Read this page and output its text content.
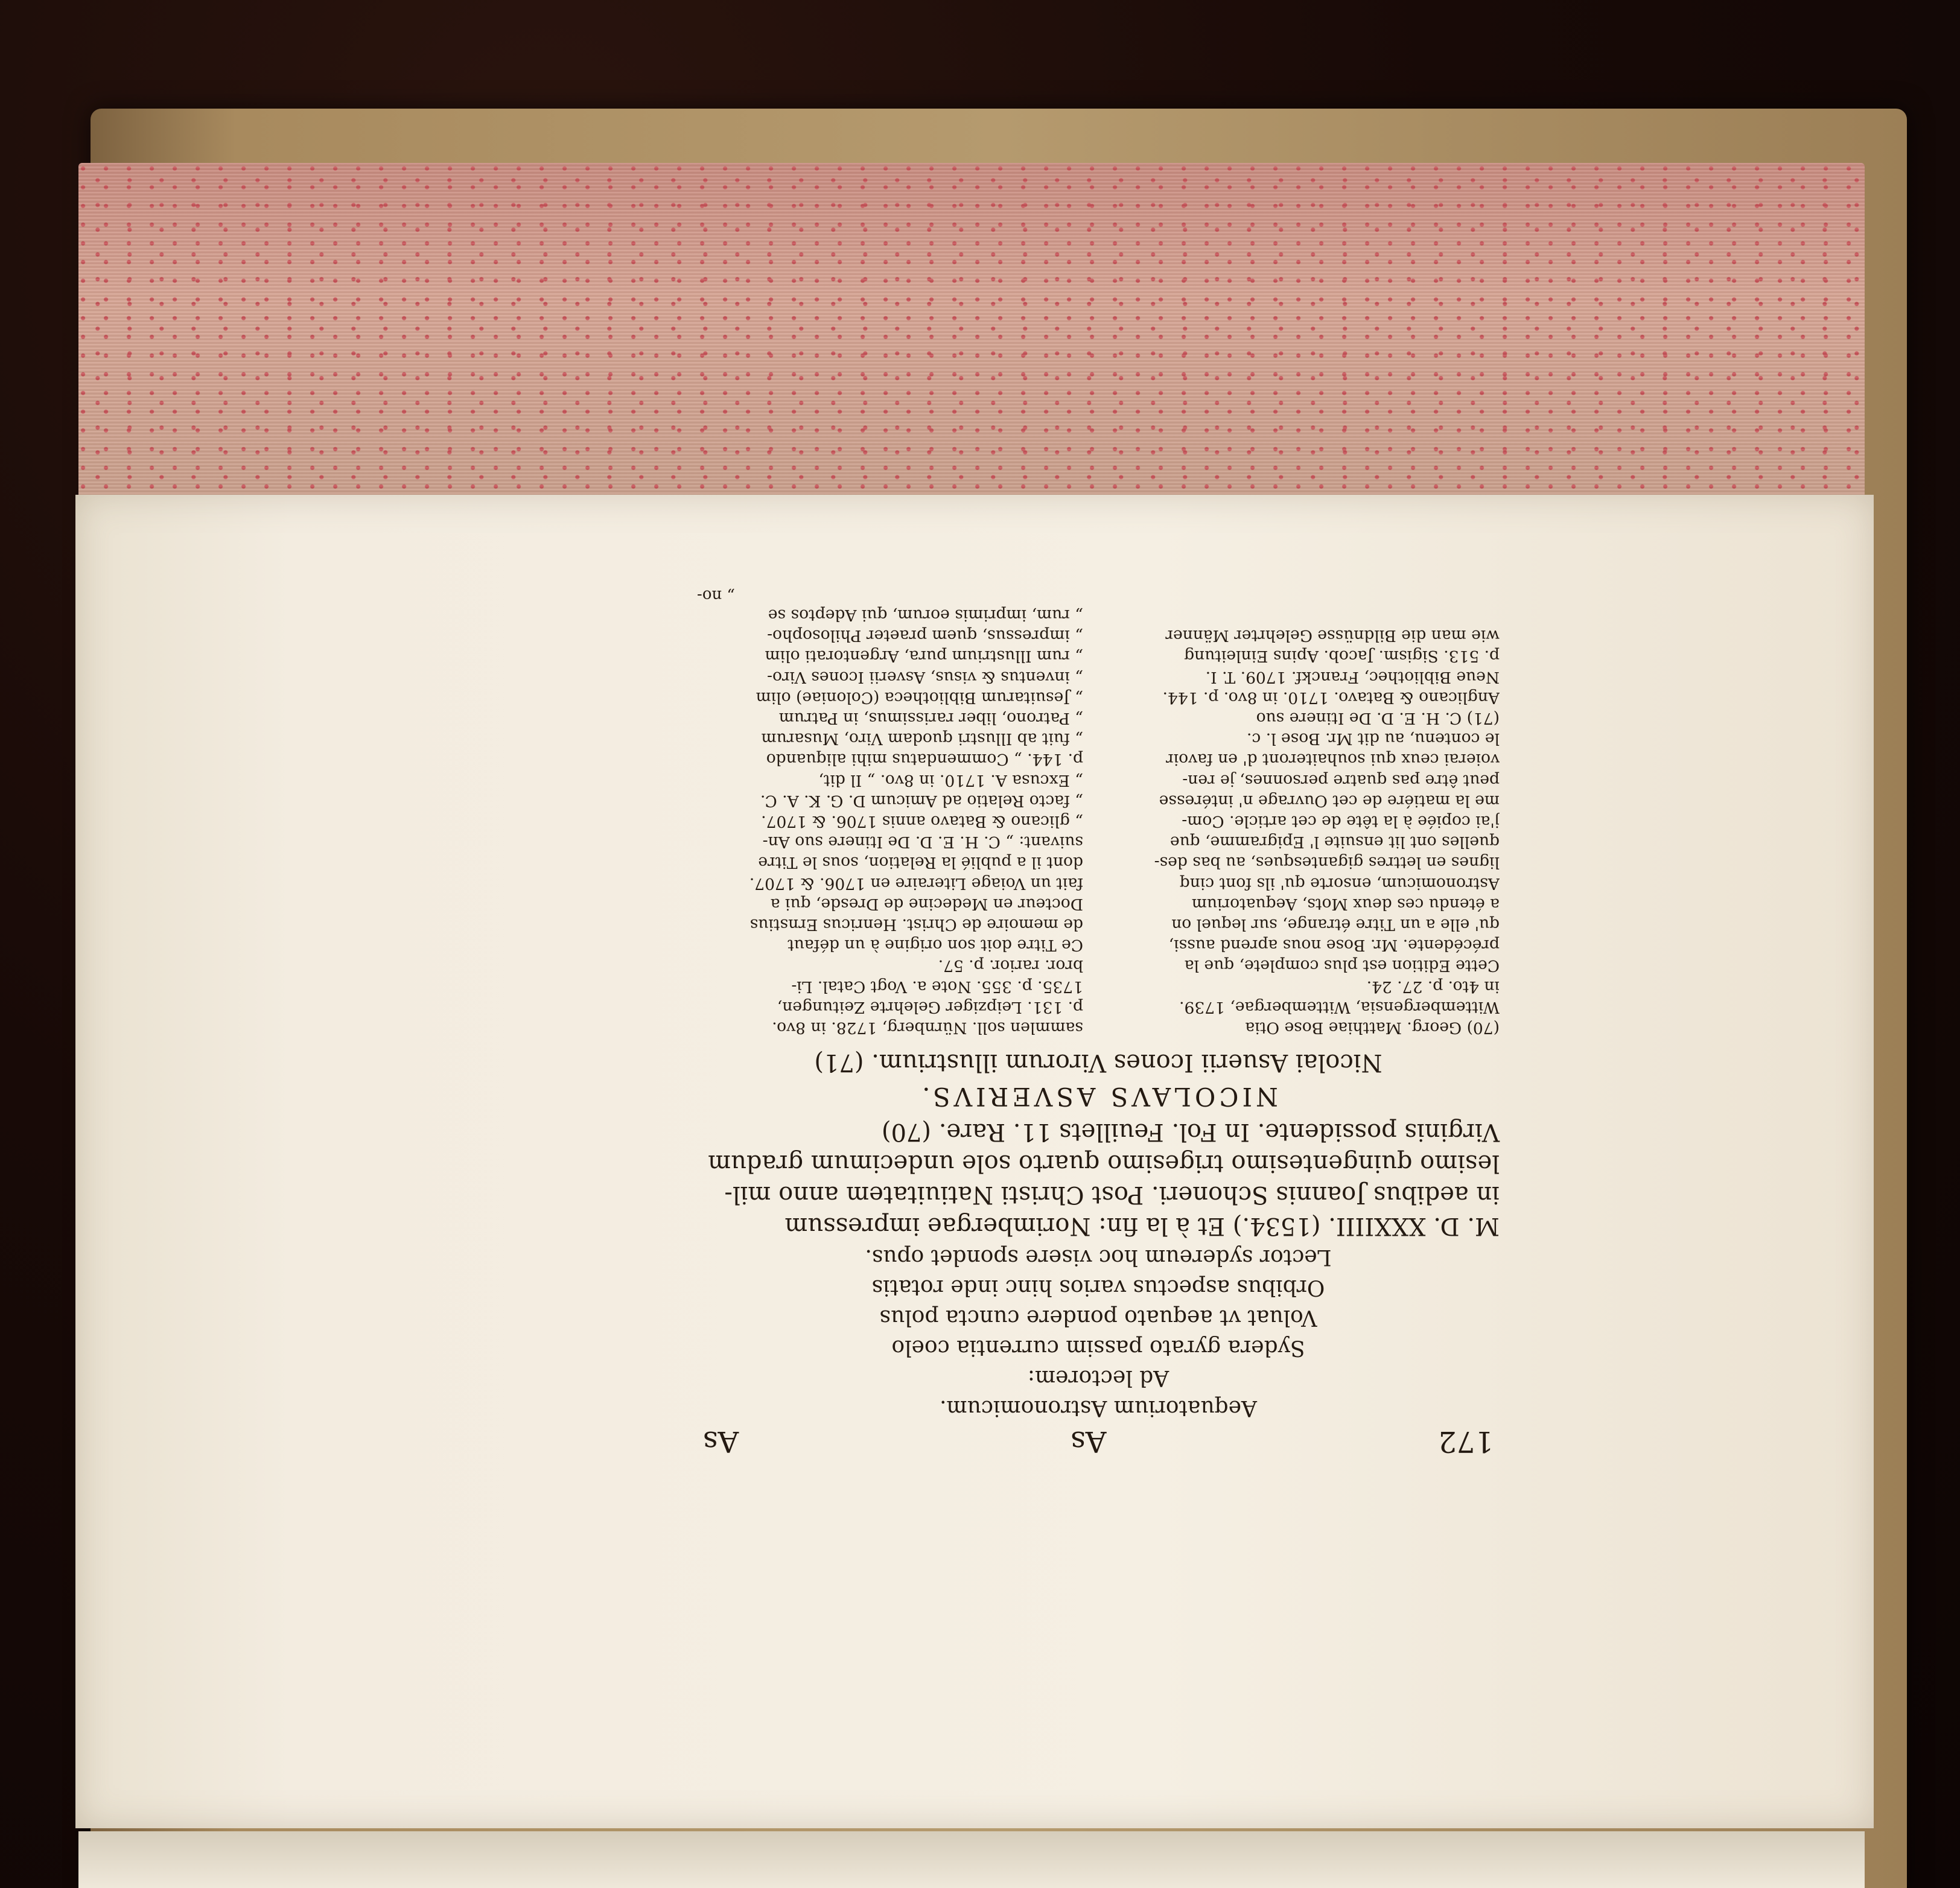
172
As
As
Aequatorium Astronomicum.
Ad lectorem:
Sydera gyrato passim currentia coelo
Voluat vt aequato pondere cuncta polus
Orbibus aspectus varios hinc inde rotatis
Lector sydereum hoc visere spondet opus.
M. D. XXXIIII. (1534.) Et à la fin: Norimbergae impressum
in aedibus Joannis Schoneri. Post Christi Natiuitatem anno mil-
lesimo quingentesimo trigesimo quarto sole undecimum gradum
Virginis possidente. In Fol. Feuillets 11. Rare. (70)
NICOLAVS ASVERIVS.
Nicolai Asuerii Icones Virorum illustrium. (71)
(70) Georg. Matthiae Bose Otia
Wittembergensia, Wittembergae, 1739.
in 4to. p. 27. 24.
Cette Edition est plus complete, que la
précédente. Mr. Bose nous aprend aussi,
qu' elle a un Titre étrange, sur lequel on
a étendu ces deux Mots, Aequatorium
Astronomicum, ensorte qu' ils font cinq
lignes en lettres gigantesques, au bas des-
quelles ont lit ensuite l' Epigramme, que
j'ai copiée à la tête de cet article. Com-
me la matiére de cet Ouvrage n' intéresse
peut être pas quatre personnes, je ren-
voierai ceux qui souhaiteront d' en favoir
le contenu, au dit Mr. Bose l. c.
(71) C. H. E. D. De Itinere suo
Anglicano & Batavo. 1710. in 8vo. p. 144.
Neue Bibliothec, Franckf. 1709. T. I.
p. 513. Sigism. Jacob. Apins Einleitung
wie man die Bildnüsse Gelehrter Männer
sammlen soll. Nürnberg, 1728. in 8vo.
p. 131. Leipziger Gelehrte Zeitungen,
1735. p. 355. Note a. Vogt Catal. Li-
bror. rarior. p. 57.
Ce Titre doit son origine à un défaut
de memoire de Christ. Henricus Ernstius
Docteur en Medecine de Dresde, qui a
fait un Voiage Literaire en 1706. & 1707.
dont il a publié la Relation, sous le Titre
suivant: „ C. H. E. D. De Itinere suo An-
„ glicano & Batavo annis 1706. & 1707.
„ facto Relatio ad Amicum D. G. K. A. C.
„ Excusa A. 1710. in 8vo. „ Il dit,
p. 144. „ Commendatus mihi aliquando
„ fuit ab Illustri quodam Viro, Musarum
„ Patrono, liber rarissimus, in Patrum
„ Jesuitarum Bibliotheca (Coloniae) olim
„ inventus & visus, Asverii Icones Viro-
„ rum Illustrium pura, Argentorati olim
„ impressus, quem praeter Philosopho-
„ rum, imprimis eorum, qui Adeptos se
„ no-
